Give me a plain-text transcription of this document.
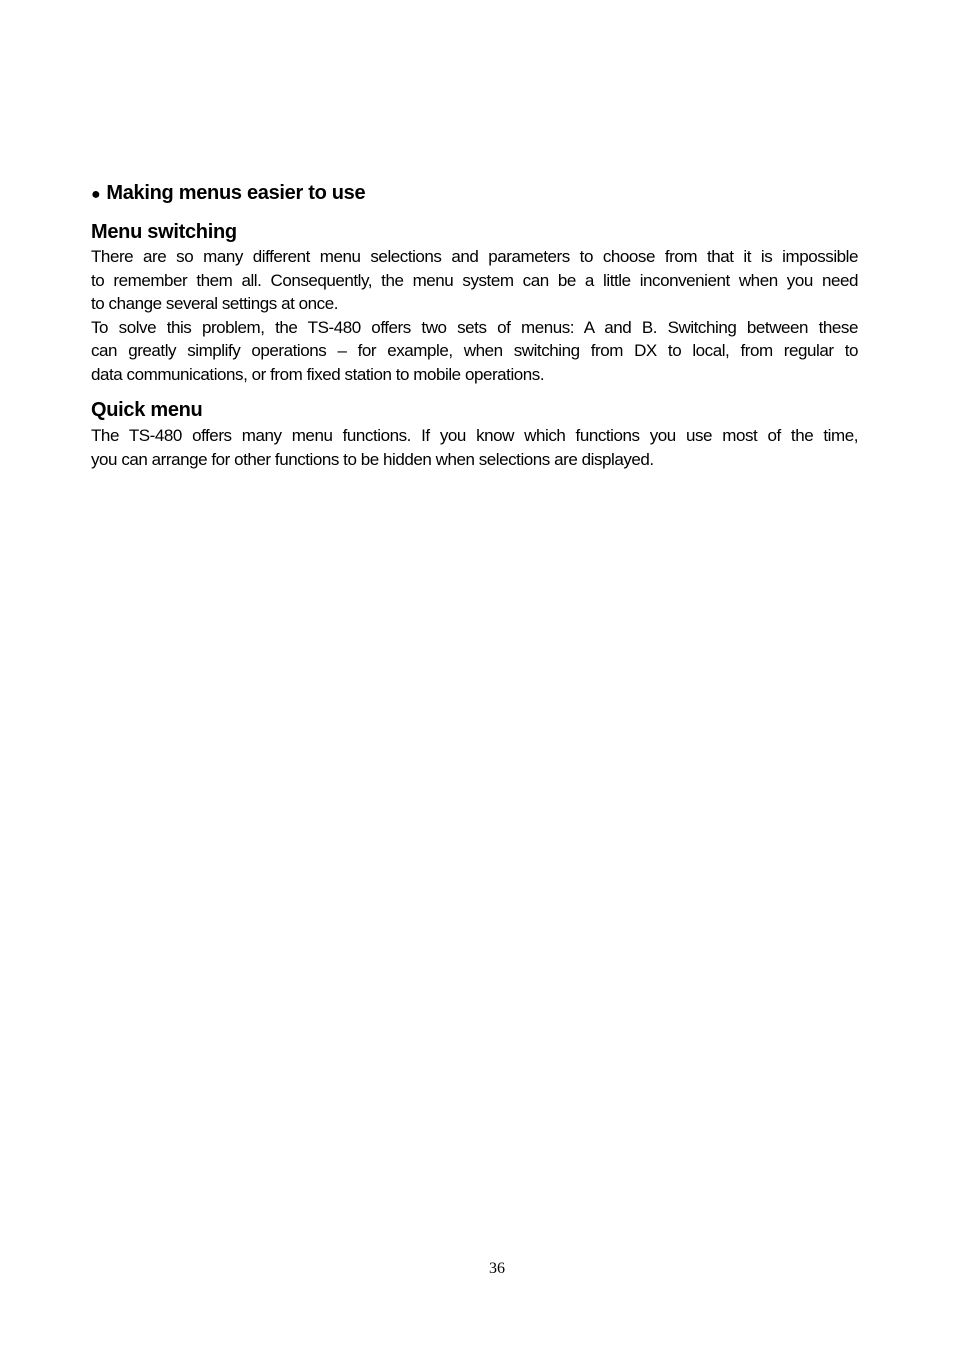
● Making menus easier to use
Menu switching
There are so many different menu selections and parameters to choose from that it is impossible
to remember them all. Consequently, the menu system can be a little inconvenient when you need
to change several settings at once.
To solve this problem, the TS-480 offers two sets of menus: A and B. Switching between these
can greatly simplify operations – for example, when switching from DX to local, from regular to
data communications, or from fixed station to mobile operations.
Quick menu
The TS-480 offers many menu functions. If you know which functions you use most of the time,
you can arrange for other functions to be hidden when selections are displayed.
36
